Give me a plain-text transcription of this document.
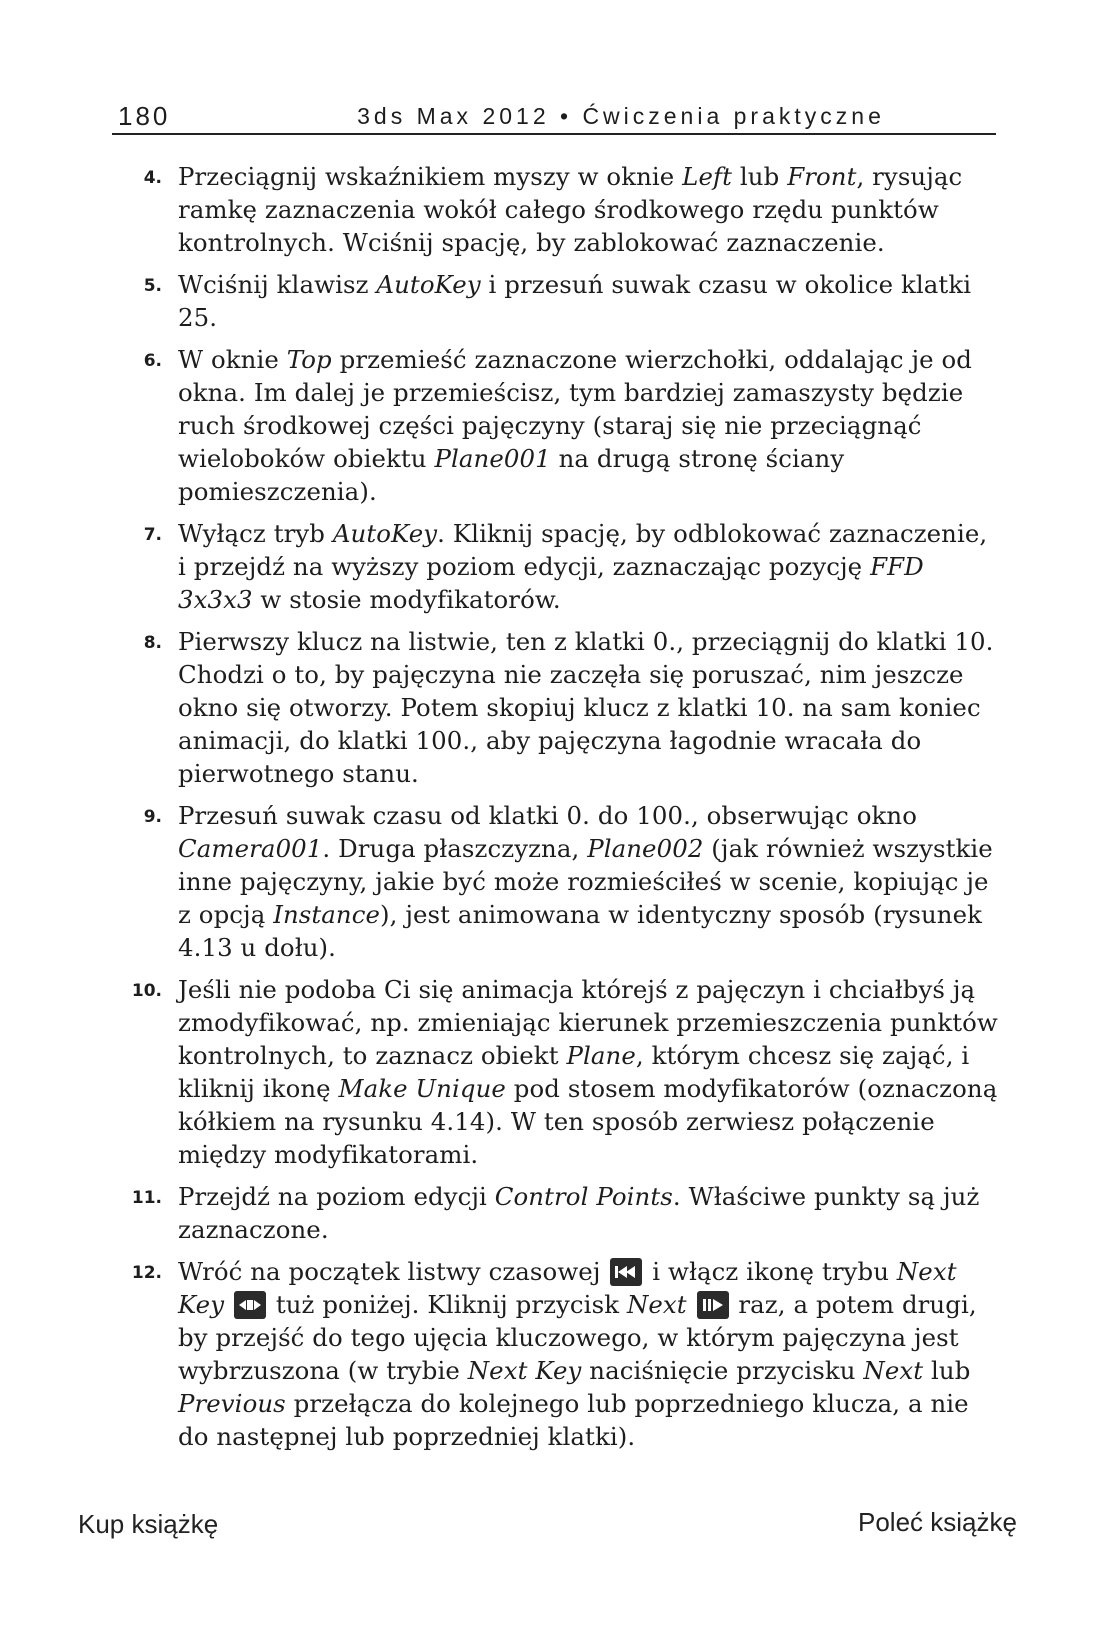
180	3ds Max 2012 • Ćwiczenia praktyczne
4. Przeciągnij wskaźnikiem myszy w oknie Left lub Front, rysując ramkę zaznaczenia wokół całego środkowego rzędu punktów kontrolnych. Wciśnij spację, by zablokować zaznaczenie.
5. Wciśnij klawisz AutoKey i przesuń suwak czasu w okolice klatki 25.
6. W oknie Top przemieść zaznaczone wierzchołki, oddalając je od okna. Im dalej je przemieścisz, tym bardziej zamaszysty będzie ruch środkowej części pajęczyny (staraj się nie przeciągnąć wieloboków obiektu Plane001 na drugą stronę ściany pomieszczenia).
7. Wyłącz tryb AutoKey. Kliknij spację, by odblokować zaznaczenie, i przejdź na wyższy poziom edycji, zaznaczając pozycję FFD 3x3x3 w stosie modyfikatorów.
8. Pierwszy klucz na listwie, ten z klatki 0., przeciągnij do klatki 10. Chodzi o to, by pajęczyna nie zaczęła się poruszać, nim jeszcze okno się otworzy. Potem skopiuj klucz z klatki 10. na sam koniec animacji, do klatki 100., aby pajęczyna łagodnie wracała do pierwotnego stanu.
9. Przesuń suwak czasu od klatki 0. do 100., obserwując okno Camera001. Druga płaszczyzna, Plane002 (jak również wszystkie inne pajęczyny, jakie być może rozmieściłeś w scenie, kopiując je z opcją Instance), jest animowana w identyczny sposób (rysunek 4.13 u dołu).
10. Jeśli nie podoba Ci się animacja którejś z pajęczyn i chciałbyś ją zmodyfikować, np. zmieniając kierunek przemieszczenia punktów kontrolnych, to zaznacz obiekt Plane, którym chcesz się zająć, i kliknij ikonę Make Unique pod stosem modyfikatorów (oznaczoną kółkiem na rysunku 4.14). W ten sposób zerwiesz połączenie między modyfikatorami.
11. Przejdź na poziom edycji Control Points. Właściwe punkty są już zaznaczone.
12. Wróć na początek listwy czasowej
i włącz ikonę trybu Next Key tuż poniżej. Kliknij przycisk Next raz, a potem drugi, by przejść do tego ujęcia kluczowego, w którym pajęczyna jest wybrzuszona (w trybie Next Key naciśnięcie przycisku Next lub Previous przełącza do kolejnego lub poprzedniego klucza, a nie do następnej lub poprzedniej klatki).
Kup książkę	Poleć książkę
